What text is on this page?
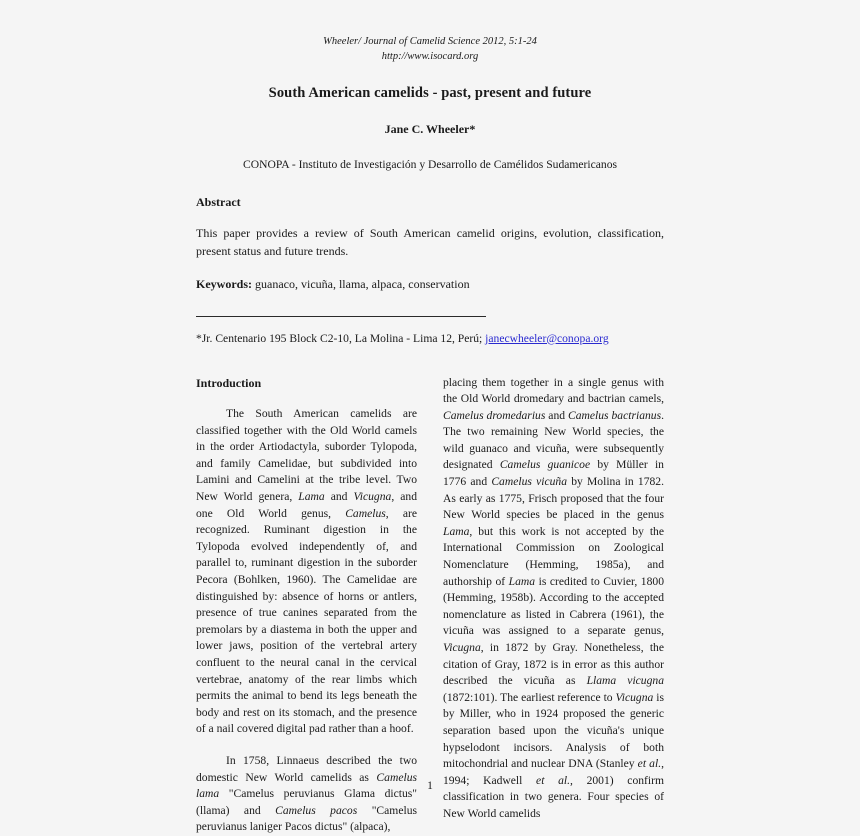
Wheeler/ Journal of Camelid Science 2012, 5:1-24
http://www.isocard.org
South American camelids - past, present and future
Jane C. Wheeler*
CONOPA - Instituto de Investigación y Desarrollo de Camélidos Sudamericanos
Abstract
This paper provides a review of South American camelid origins, evolution, classification, present status and future trends.
Keywords: guanaco, vicuña, llama, alpaca, conservation
*Jr. Centenario 195 Block C2-10, La Molina - Lima 12, Perú; janecwheeler@conopa.org
Introduction

The South American camelids are classified together with the Old World camels in the order Artiodactyla, suborder Tylopoda, and family Camelidae, but subdivided into Lamini and Camelini at the tribe level. Two New World genera, Lama and Vicugna, and one Old World genus, Camelus, are recognized. Ruminant digestion in the Tylopoda evolved independently of, and parallel to, ruminant digestion in the suborder Pecora (Bohlken, 1960). The Camelidae are distinguished by: absence of horns or antlers, presence of true canines separated from the premolars by a diastema in both the upper and lower jaws, position of the vertebral artery confluent to the neural canal in the cervical vertebrae, anatomy of the rear limbs which permits the animal to bend its legs beneath the body and rest on its stomach, and the presence of a nail covered digital pad rather than a hoof.

In 1758, Linnaeus described the two domestic New World camelids as Camelus lama "Camelus peruvianus Glama dictus" (llama) and Camelus pacos "Camelus peruvianus laniger Pacos dictus" (alpaca),

placing them together in a single genus with the Old World dromedary and bactrian camels, Camelus dromedarius and Camelus bactrianus. The two remaining New World species, the wild guanaco and vicuña, were subsequently designated Camelus guanicoe by Müller in 1776 and Camelus vicuña by Molina in 1782. As early as 1775, Frisch proposed that the four New World species be placed in the genus Lama, but this work is not accepted by the International Commission on Zoological Nomenclature (Hemming, 1985a), and authorship of Lama is credited to Cuvier, 1800 (Hemming, 1958b). According to the accepted nomenclature as listed in Cabrera (1961), the vicuña was assigned to a separate genus, Vicugna, in 1872 by Gray. Nonetheless, the citation of Gray, 1872 is in error as this author described the vicuña as Llama vicugna (1872:101). The earliest reference to Vicugna is by Miller, who in 1924 proposed the generic separation based upon the vicuña's unique hypselodont incisors. Analysis of both mitochondrial and nuclear DNA (Stanley et al., 1994; Kadwell et al., 2001) confirm classification in two genera. Four species of New World camelids

1
